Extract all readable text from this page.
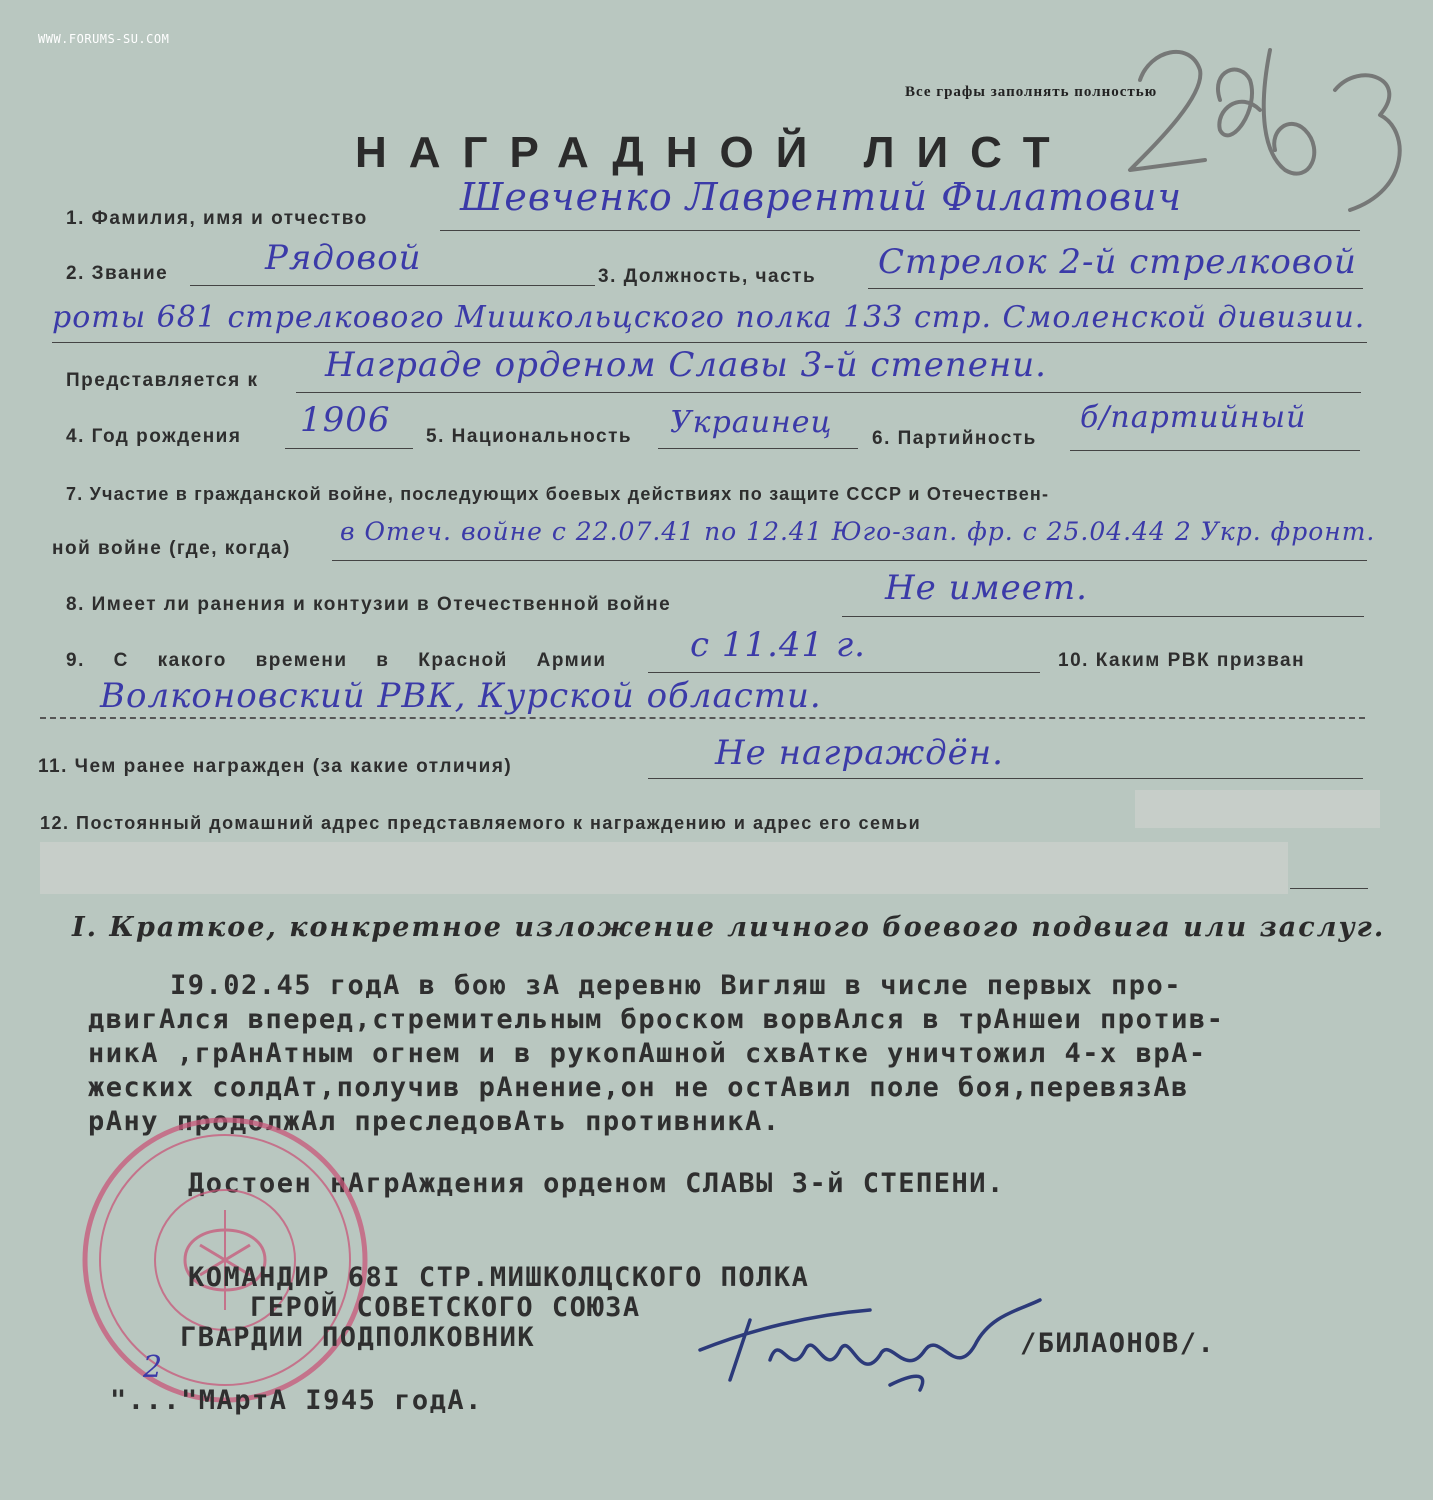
WWW.FORUMS-SU.COM
Все графы заполнять полностью
НАГРАДНОЙ ЛИСТ
1. Фамилия, имя и отчество Шевченко Лаврентий Филатович
2. Звание	Рядовой	3. Должность, часть Стрелок 2-й стрелковой
роты 681 стрелкового Мишкольцского полка 133 стр. Смоленской дивизии.
Представляется к Награде орденом Славы 3-й степени.
4. Год рождения 1906 5. Национальность Украинец 6. Партийность
б/партийный
7. Участие в гражданской войне, последующих боевых действиях по защите СССР и Отечествен-
ной войне (где, когда)
в Отеч. войне с 22.07.41 по 12.41 Юго-зап. фр. с 25.04.44 2 Укр. фронт.
8. Имеет ли ранения и контузии в Отечественной войне	Не имеет.
9. С какого времени в Красной Армии с 11.41 г.	10. Каким РВК призван
Волконовский РВК, Курской области.
11. Чем ранее награжден (за какие отличия)	Не награждён.
12. Постоянный домашний адрес представляемого к награждению и адрес его семьи
I. Краткое, конкретное изложение личного боевого подвига или заслуг.
I9.02.45 годА в бою зА деревню Вигляш в числе первых про-
двигАлся вперед,стремительным броском ворвАлся в трАншеи против-
никА ,грАнАтным огнем и в рукопАшной схвАтке уничтожил 4-х врА-
жеских солдАт,получив рАнение,он не остАвил поле боя,перевязАв
рАну продолжАл преследовАть противникА.
Достоен нАгрАждения орденом СЛАВЫ 3-й СТЕПЕНИ.
КОМАНДИР 68I СТР.МИШКОЛЦСКОГО ПОЛКА
ГЕРОЙ СОВЕТСКОГО СОЮЗА
ГВАРДИИ ПОДПОЛКОВНИК	/БИЛАОНОВ/.
"..."МАртА I945 годА.
2
